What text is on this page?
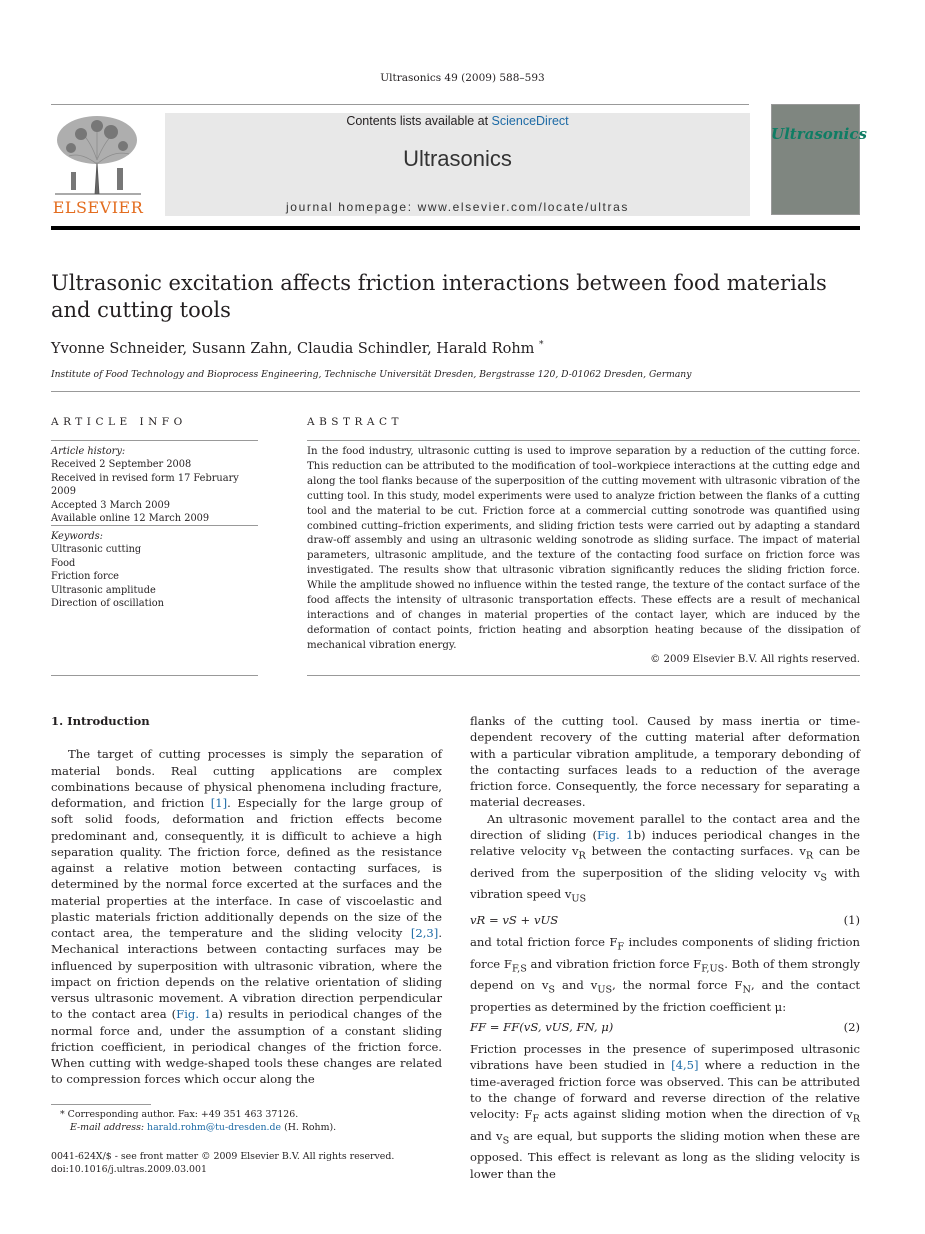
Ultrasonics 49 (2009) 588–593
Contents lists available at ScienceDirect
Ultrasonics
journal homepage: www.elsevier.com/locate/ultras
ELSEVIER
Ultrasonics
Ultrasonic excitation affects friction interactions between food materials and cutting tools
Yvonne Schneider, Susann Zahn, Claudia Schindler, Harald Rohm *
Institute of Food Technology and Bioprocess Engineering, Technische Universität Dresden, Bergstrasse 120, D-01062 Dresden, Germany
ARTICLE INFO
Article history:
Received 2 September 2008
Received in revised form 17 February 2009
Accepted 3 March 2009
Available online 12 March 2009
Keywords:
Ultrasonic cutting
Food
Friction force
Ultrasonic amplitude
Direction of oscillation
ABSTRACT
In the food industry, ultrasonic cutting is used to improve separation by a reduction of the cutting force. This reduction can be attributed to the modification of tool–workpiece interactions at the cutting edge and along the tool flanks because of the superposition of the cutting movement with ultrasonic vibration of the cutting tool. In this study, model experiments were used to analyze friction between the flanks of a cutting tool and the material to be cut. Friction force at a commercial cutting sonotrode was quantified using combined cutting–friction experiments, and sliding friction tests were carried out by adapting a standard draw-off assembly and using an ultrasonic welding sonotrode as sliding surface. The impact of material parameters, ultrasonic amplitude, and the texture of the contacting food surface on friction force was investigated. The results show that ultrasonic vibration significantly reduces the sliding friction force. While the amplitude showed no influence within the tested range, the texture of the contact surface of the food affects the intensity of ultrasonic transportation effects. These effects are a result of mechanical interactions and of changes in material properties of the contact layer, which are induced by the deformation of contact points, friction heating and absorption heating because of the dissipation of mechanical vibration energy.
© 2009 Elsevier B.V. All rights reserved.

1. Introduction

The target of cutting processes is simply the separation of material bonds. Real cutting applications are complex combinations because of physical phenomena including fracture, deformation, and friction [1]. Especially for the large group of soft solid foods, deformation and friction effects become predominant and, consequently, it is difficult to achieve a high separation quality. The friction force, defined as the resistance against a relative motion between contacting surfaces, is determined by the normal force excerted at the surfaces and the material properties at the interface. In case of viscoelastic and plastic materials friction additionally depends on the size of the contact area, the temperature and the sliding velocity [2,3]. Mechanical interactions between contacting surfaces may be influenced by superposition with ultrasonic vibration, where the impact on friction depends on the relative orientation of sliding versus ultrasonic movement. A vibration direction perpendicular to the contact area (Fig. 1a) results in periodical changes of the normal force and, under the assumption of a constant sliding friction coefficient, in periodical changes of the friction force. When cutting with wedge-shaped tools these changes are related to compression forces which occur along the

flanks of the cutting tool. Caused by mass inertia or time-dependent recovery of the cutting material after deformation with a particular vibration amplitude, a temporary debonding of the contacting surfaces leads to a reduction of the average friction force. Consequently, the force necessary for separating a material decreases.

An ultrasonic movement parallel to the contact area and the direction of sliding (Fig. 1b) induces periodical changes in the relative velocity $v_R$ between the contacting surfaces. $v_R$ can be derived from the superposition of the sliding velocity $v_S$ with vibration speed $v_{US}$

vR = vS + vUS	(1)

and total friction force $F_F$ includes components of sliding friction force $F_{F,S}$ and vibration friction force $F_{F,US}$. Both of them strongly depend on $v_S$ and $v_{US}$, the normal force $F_N$, and the contact properties as determined by the friction coefficient μ:

FF = FF(vS, vUS, FN, μ)	(2)

Friction processes in the presence of superimposed ultrasonic vibrations have been studied in [4,5] where a reduction in the time-averaged friction force was observed. This can be attributed to the change of forward and reverse direction of the relative velocity: $F_F$ acts against sliding motion when the direction of $v_R$ and $v_S$ are equal, but supports the sliding motion when these are opposed. This effect is relevant as long as the sliding velocity is lower than the

* Corresponding author. Fax: +49 351 463 37126.
E-mail address: harald.rohm@tu-dresden.de (H. Rohm).
0041-624X/$ - see front matter © 2009 Elsevier B.V. All rights reserved.
doi:10.1016/j.ultras.2009.03.001
